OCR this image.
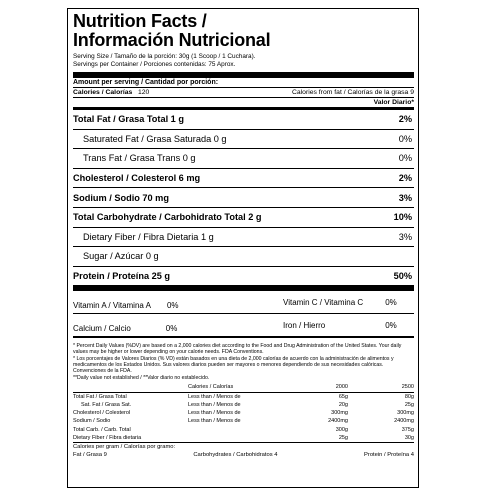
Nutrition Facts /
Información Nutricional
Serving Size / Tamaño de la porción: 30g (1 Scoop / 1 Cuchara).
Servings per Container / Porciones contenidas: 75 Aprox.
Amount per serving / Cantidad por porción:
Calories / Calorías 120	Calories from fat / Calorías de la grasa 9
Valor Diario*
Total Fat / Grasa Total 1 g	2%
Saturated Fat / Grasa Saturada 0 g	0%
Trans Fat / Grasa Trans 0 g	0%
Cholesterol / Colesterol 6 mg	2%
Sodium / Sodio 70 mg	3%
Total Carbohydrate / Carbohidrato Total 2 g	10%
Dietary Fiber / Fibra Dietaria 1 g	3%
Sugar / Azúcar 0 g
Protein / Proteína 25 g	50%
Vitamin A / Vitamina A 0%	Vitamin C / Vitamina C	0%
Calcium / Calcio	0%	Iron / Hierro	0%
* Percent Daily Values (%DV) are based on a 2,000 calories diet according to the Food and Drug Administration of the United States. Your daily values may be higher or lower depending on your calorie needs. FDA Conventions.
* Los porcentajes de Valores Diarios (% VD) están basados en una dieta de 2,000 calorías de acuerdo con la administración de alimentos y medicamentos de los Estados Unidos. Sus valores diarios pueden ser mayores o menores dependiendo de sus necesidades calóricas. Convenciones de la FDA.
**Daily value not established / **Valor diario no establecido.
	Calories / Calorías	2000	2500
Total Fat / Grasa Total	Less than / Menos de	65g	80g
Sat. Fat / Grasa Sat.	Less than / Menos de	20g	25g
Cholesterol / Colesterol	Less than / Menos de	300mg	300mg
Sodium / Sodio	Less than / Menos de	2400mg	2400mg
Total Carb. / Carb. Total		300g	375g
Dietary Fiber / Fibra dietaria		25g	30g
Calories per gram / Calorías por gramo:
Fat / Grasa 9	Carbohydrates / Carbohidratos 4	Protein / Proteína 4
